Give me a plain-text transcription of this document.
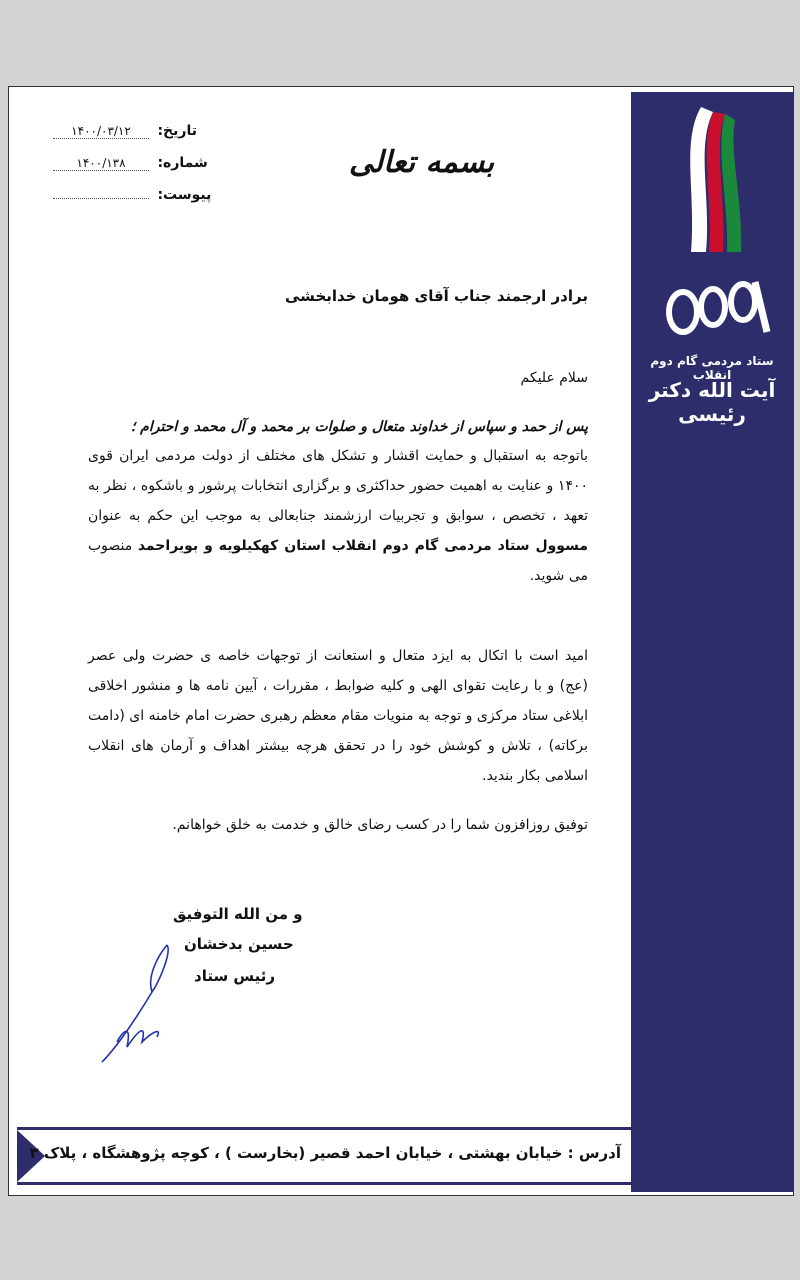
تاریخ: ۱۴۰۰/۰۳/۱۲
شماره: ۱۴۰۰/۱۳۸
پیوست:
بسمه تعالی
برادر ارجمند جناب آقای هومان خدابخشی
سلام علیکم
پس از حمد و سپاس از خداوند متعال و صلوات بر محمد و آل محمد و احترام ؛

باتوجه به استقبال و حمایت اقشار و تشکل های مختلف از دولت مردمی ایران قوی ۱۴۰۰ و عنایت به اهمیت حضور حداکثری و برگزاری انتخابات پرشور و باشکوه ، نظر به تعهد ، تخصص ، سوابق و تجربیات ارزشمند جنابعالی به موجب این حکم به عنوان مسوول ستاد مردمی گام دوم انقلاب استان کهکیلویه و بویراحمد منصوب می شوید.

امید است با اتکال به ایزد متعال و استعانت از توجهات خاصه ی حضرت ولی عصر (عج) و با رعایت تقوای الهی و کلیه ضوابط ، مقررات ، آیین نامه ها و منشور اخلاقی ابلاغی ستاد مرکزی و توجه به منویات مقام معظم رهبری حضرت امام خامنه ای (دامت برکاته) ، تلاش و کوشش خود را در تحقق هرچه بیشتر اهداف و آرمان های انقلاب اسلامی بکار بندید.

توفیق روزافزون شما را در کسب رضای خالق و خدمت به خلق خواهانم.
و من الله التوفیق
حسین بدخشان
رئیس ستاد
ستاد مردمی گام دوم انقلاب
آیت الله دکتر رئیسی
آدرس : خیابان بهشتی ، خیابان احمد قصیر (بخارست ) ، کوچه پژوهشگاه ، پلاک ۳
